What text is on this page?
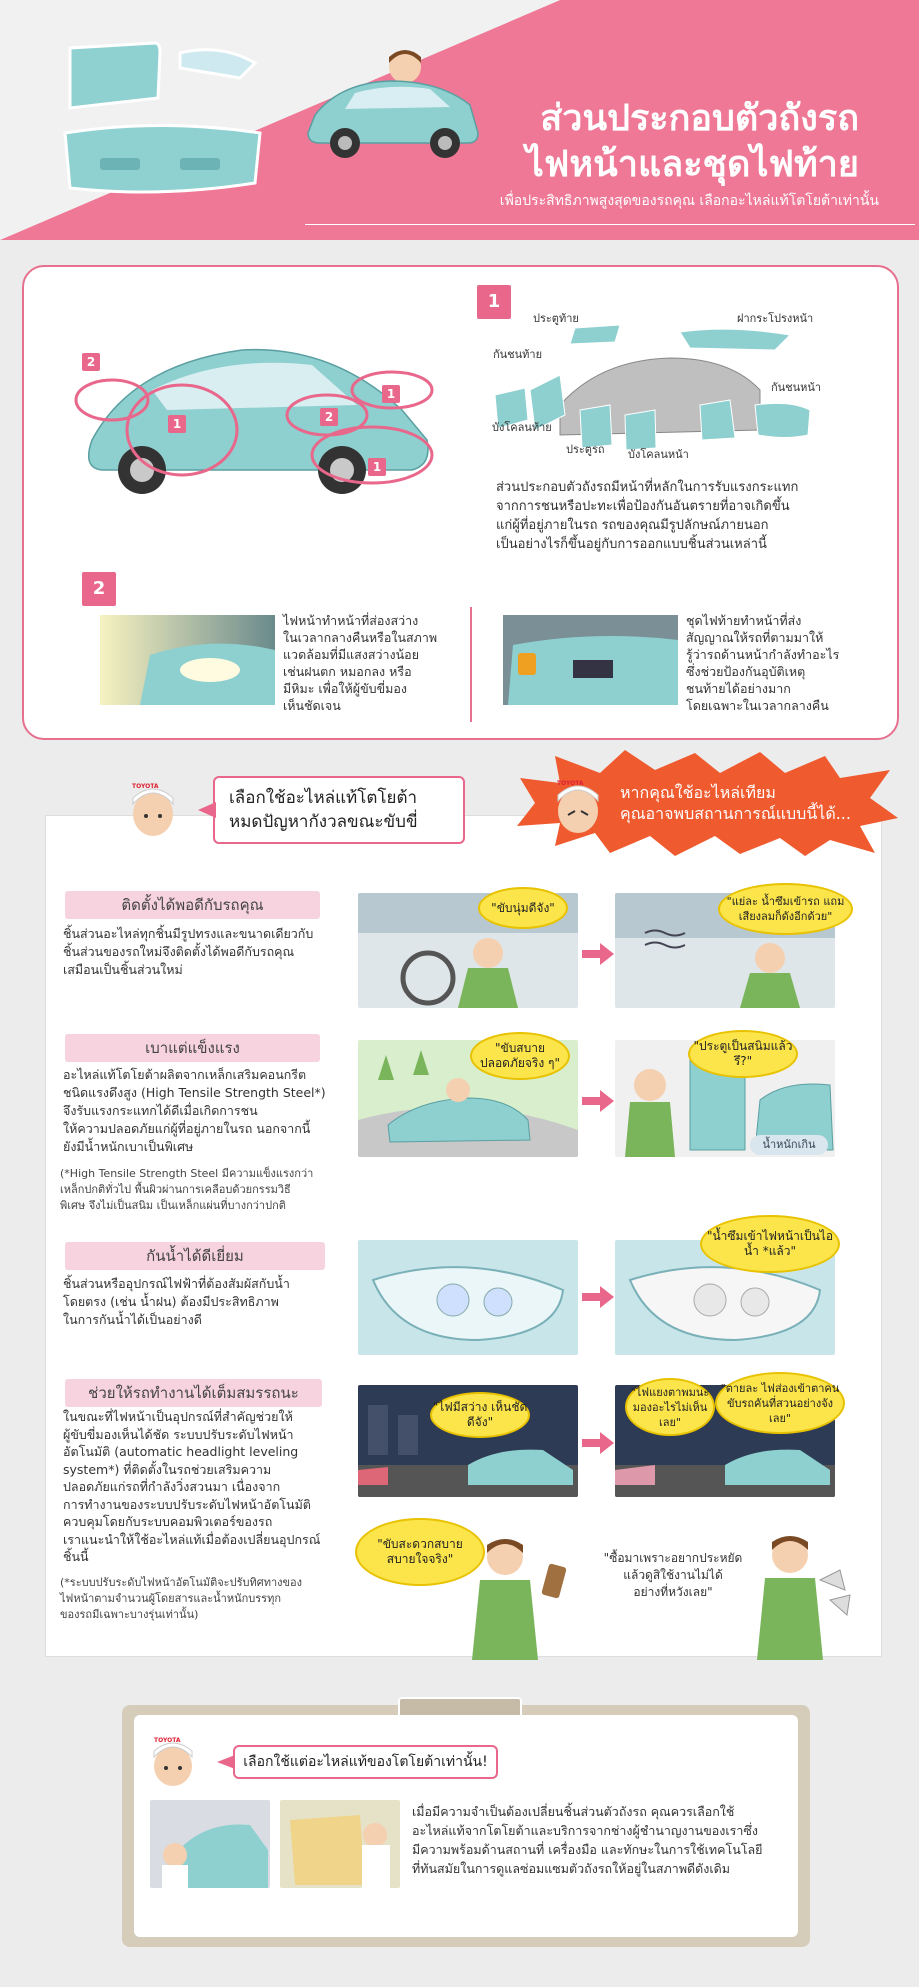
ส่วนประกอบตัวถังรถ
ไฟหน้าและชุดไฟท้าย
เพื่อประสิทธิภาพสูงสุดของรถคุณ เลือกอะไหล่แท้โตโยต้าเท่านั้น
2
1	2
1
1
1
ประตูท้าย	ฝากระโปรงหน้า
กันชนท้าย
กันชนหน้า
บังโคลนท้าย
ประตูรถ บังโคลนหน้า
ส่วนประกอบตัวถังรถมีหน้าที่หลักในการรับแรงกระแทก
จากการชนหรือปะทะเพื่อป้องกันอันตรายที่อาจเกิดขึ้น
แก่ผู้ที่อยู่ภายในรถ รถของคุณมีรูปลักษณ์ภายนอก
เป็นอย่างไรก็ขึ้นอยู่กับการออกแบบชิ้นส่วนเหล่านี้
2
ไฟหน้าทำหน้าที่ส่องสว่าง
ในเวลากลางคืนหรือในสภาพ
แวดล้อมที่มีแสงสว่างน้อย
เช่นฝนตก หมอกลง หรือ
มีหิมะ เพื่อให้ผู้ขับขี่มอง
เห็นชัดเจน
ชุดไฟท้ายทำหน้าที่ส่ง
สัญญาณให้รถที่ตามมาให้
รู้ว่ารถด้านหน้ากำลังทำอะไร
ซึ่งช่วยป้องกันอุบัติเหตุ
ชนท้ายได้อย่างมาก
โดยเฉพาะในเวลากลางคืน
TOYOTA
เลือกใช้อะไหล่แท้โตโยต้า
หมดปัญหากังวลขณะขับขี่
TOYOTA หากคุณใช้อะไหล่เทียม
คุณอาจพบสถานการณ์แบบนี้ได้...
ติดตั้งได้พอดีกับรถคุณ
ชิ้นส่วนอะไหล่ทุกชิ้นมีรูปทรงและขนาดเดียวกับ
ชิ้นส่วนของรถใหม่จึงติดตั้งได้พอดีกับรถคุณ
เสมือนเป็นชิ้นส่วนใหม่
"ขับนุ่มดีจัง"	"แย่ละ น้ำซึมเข้ารถ แถมเสียงลมก็ดังอีกด้วย"
เบาแต่แข็งแรง
อะไหล่แท้โตโยต้าผลิตจากเหล็กเสริมคอนกรีต
ชนิดแรงดึงสูง (High Tensile Strength Steel*)
จึงรับแรงกระแทกได้ดีเมื่อเกิดการชน
ให้ความปลอดภัยแก่ผู้ที่อยู่ภายในรถ นอกจากนี้
ยังมีน้ำหนักเบาเป็นพิเศษ
(*High Tensile Strength Steel มีความแข็งแรงกว่า
เหล็กปกติทั่วไป พื้นผิวผ่านการเคลือบด้วยกรรมวิธี
พิเศษ จึงไม่เป็นสนิม เป็นเหล็กแผ่นที่บางกว่าปกติ
"ขับสบาย ปลอดภัยจริง ๆ"
"ประตูเป็นสนิมแล้วรึ?"
น้ำหนักเกิน
กันน้ำได้ดีเยี่ยม
ชิ้นส่วนหรืออุปกรณ์ไฟฟ้าที่ต้องสัมผัสกับน้ำ
โดยตรง (เช่น น้ำฝน) ต้องมีประสิทธิภาพ
ในการกันน้ำได้เป็นอย่างดี
"น้ำซึมเข้าไฟหน้าเป็นไอน้ำ *แล้ว"
ช่วยให้รถทำงานได้เต็มสมรรถนะ
ในขณะที่ไฟหน้าเป็นอุปกรณ์ที่สำคัญช่วยให้
ผู้ขับขี่มองเห็นได้ชัด ระบบปรับระดับไฟหน้า
อัตโนมัติ (automatic headlight leveling
system*) ที่ติดตั้งในรถช่วยเสริมความ
ปลอดภัยแก่รถที่กำลังวิ่งสวนมา เนื่องจาก
การทำงานของระบบปรับระดับไฟหน้าอัตโนมัติ
ควบคุมโดยกับระบบคอมพิวเตอร์ของรถ
เราแนะนำให้ใช้อะไหล่แท้เมื่อต้องเปลี่ยนอุปกรณ์
ชิ้นนี้
(*ระบบปรับระดับไฟหน้าอัตโนมัติจะปรับทิศทางของ
ไฟหน้าตามจำนวนผู้โดยสารและน้ำหนักบรรทุก
ของรถมีเฉพาะบางรุ่นเท่านั้น)
"ไฟมีสว่าง เห็นชัดดีจัง"
"ไฟแยงตาพมนะ มองอะไรไม่เห็นเลย"
"ตายละ ไฟส่องเข้าตาคนขับรถคันที่สวนอย่างจังเลย"
"ขับสะดวกสบาย สบายใจจริง"	"ซื้อมาเพราะอยากประหยัด
แล้วดูสิใช้งานไม่ได้
อย่างที่หวังเลย"
TOYOTA
เลือกใช้แต่อะไหล่แท้ของโตโยต้าเท่านั้น!
เมื่อมีความจำเป็นต้องเปลี่ยนชิ้นส่วนตัวถังรถ คุณควรเลือกใช้
อะไหล่แท้จากโตโยต้าและบริการจากช่างผู้ชำนาญงานของเราซึ่ง
มีความพร้อมด้านสถานที่ เครื่องมือ และทักษะในการใช้เทคโนโลยี
ที่ทันสมัยในการดูแลซ่อมแซมตัวถังรถให้อยู่ในสภาพดีดังเดิม
